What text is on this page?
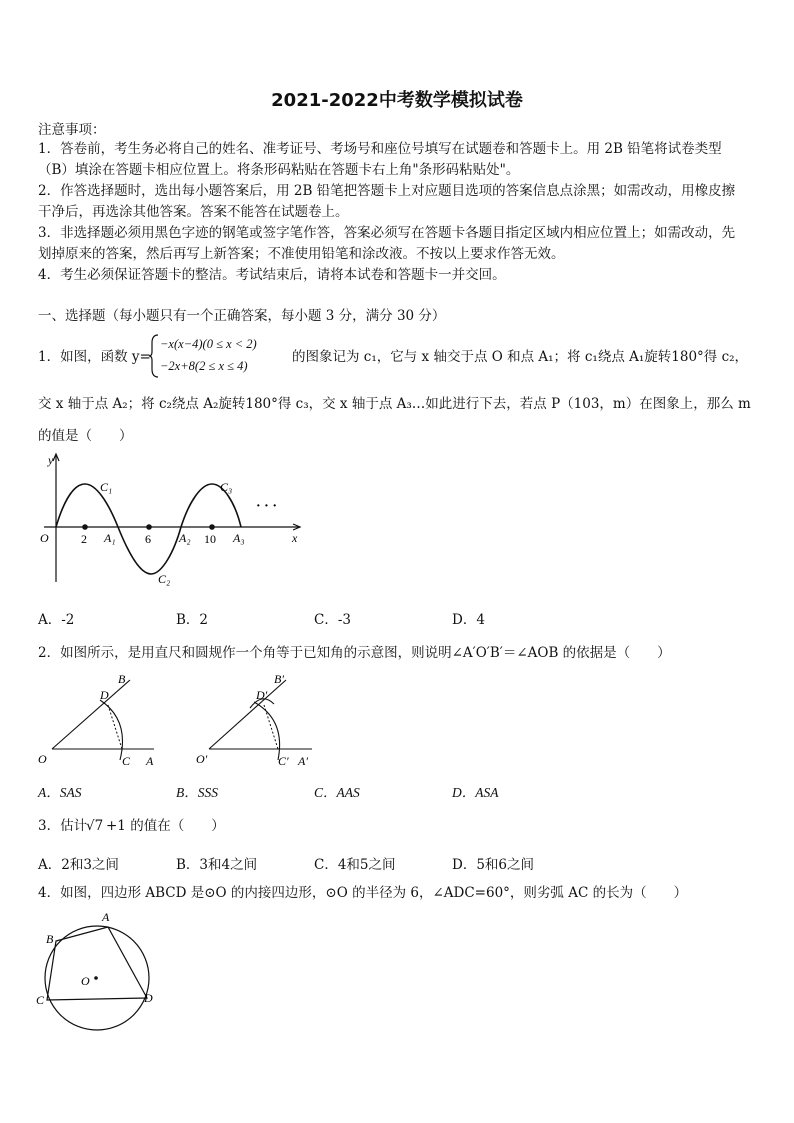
2021-2022中考数学模拟试卷
注意事项：
1．答卷前，考生务必将自己的姓名、准考证号、考场号和座位号填写在试题卷和答题卡上。用 2B 铅笔将试卷类型
（B）填涂在答题卡相应位置上。将条形码粘贴在答题卡右上角"条形码粘贴处"。
2．作答选择题时，选出每小题答案后，用 2B 铅笔把答题卡上对应题目选项的答案信息点涂黑；如需改动，用橡皮擦
干净后，再选涂其他答案。答案不能答在试题卷上。
3．非选择题必须用黑色字迹的钢笔或签字笔作答，答案必须写在答题卡各题目指定区域内相应位置上；如需改动，先
划掉原来的答案，然后再写上新答案；不准使用铅笔和涂改液。不按以上要求作答无效。
4．考生必须保证答题卡的整洁。考试结束后，请将本试卷和答题卡一并交回。
一、选择题（每小题只有一个正确答案，每小题 3 分，满分 30 分）
1．如图，函数 y=
−x(x−4)(0 ≤ x < 2)
−2x+8(2 ≤ x ≤ 4)
的图象记为 c₁，它与 x 轴交于点 O 和点 A₁；将 c₁绕点 A₁旋转180°得 c₂，
交 x 轴于点 A₂；将 c₂绕点 A₂旋转180°得 c₃，交 x 轴于点 A₃…如此进行下去，若点 P（103，m）在图象上，那么 m
的值是（　　）
y
x
O	2	6	10
A₁	A₂	A₃
C₁
C₂
C₃
· · ·
A．-2	B．2	C．-3	D．4
2．如图所示，是用直尺和圆规作一个角等于已知角的示意图，则说明∠A′O′B′＝∠AOB 的依据是（　　）
O	C A
B
D
O′	C′ A′
B′
D′
A．SAS	B．SSS	C．AAS	D．ASA
3．估计
√7 +1 的值在（　　）
A．2和3之间	B．3和4之间	C．4和5之间	D．5和6之间
4．如图，四边形 ABCD 是⊙O 的内接四边形，⊙O 的半径为 6，∠ADC=60°，则劣弧 AC 的长为（　　）
A
B
C	D
O
